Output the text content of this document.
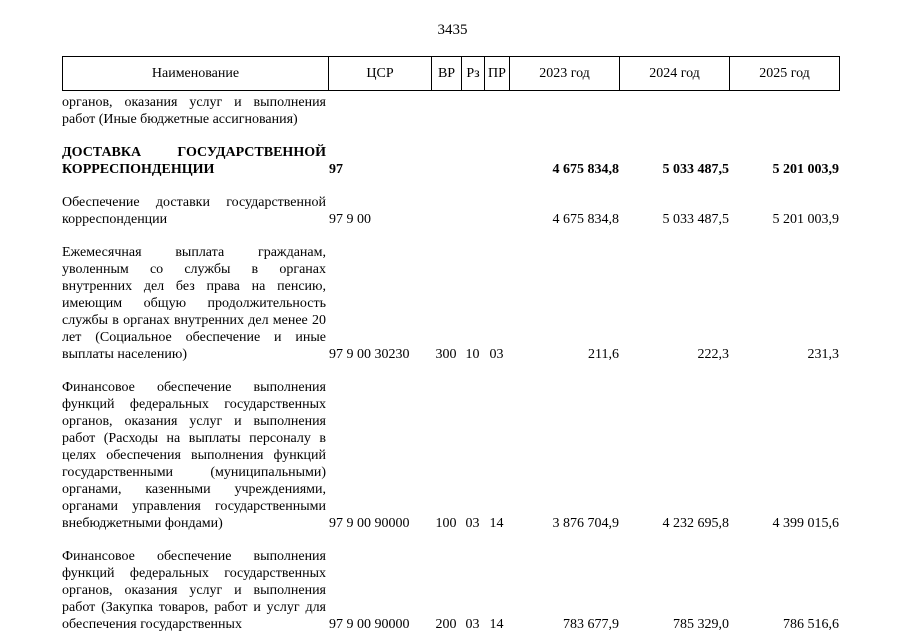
3435
Наименование	ЦСР	ВР	Рз	ПР	2023 год	2024 год	2025 год
органов, оказания услуг и выполнения работ (Иные бюджетные ассигнования)							
ДОСТАВКА ГОСУДАРСТВЕННОЙ КОРРЕСПОНДЕНЦИИ	97				4 675 834,8	5 033 487,5	5 201 003,9
Обеспечение доставки государственной корреспонденции	97 9 00				4 675 834,8	5 033 487,5	5 201 003,9
Ежемесячная выплата гражданам, уволенным со службы в органах внутренних дел без права на пенсию, имеющим общую продолжительность службы в органах внутренних дел менее 20 лет (Социальное обеспечение и иные выплаты населению)	97 9 00 30230	300	10	03	211,6	222,3	231,3
Финансовое обеспечение выполнения функций федеральных государственных органов, оказания услуг и выполнения работ (Расходы на выплаты персоналу в целях обеспечения выполнения функций государственными (муниципальными) органами, казенными учреждениями, органами управления государственными внебюджетными фондами)	97 9 00 90000	100	03	14	3 876 704,9	4 232 695,8	4 399 015,6
Финансовое обеспечение выполнения функций федеральных государственных органов, оказания услуг и выполнения работ (Закупка товаров, работ и услуг для обеспечения государственных	97 9 00 90000	200	03	14	783 677,9	785 329,0	786 516,6
